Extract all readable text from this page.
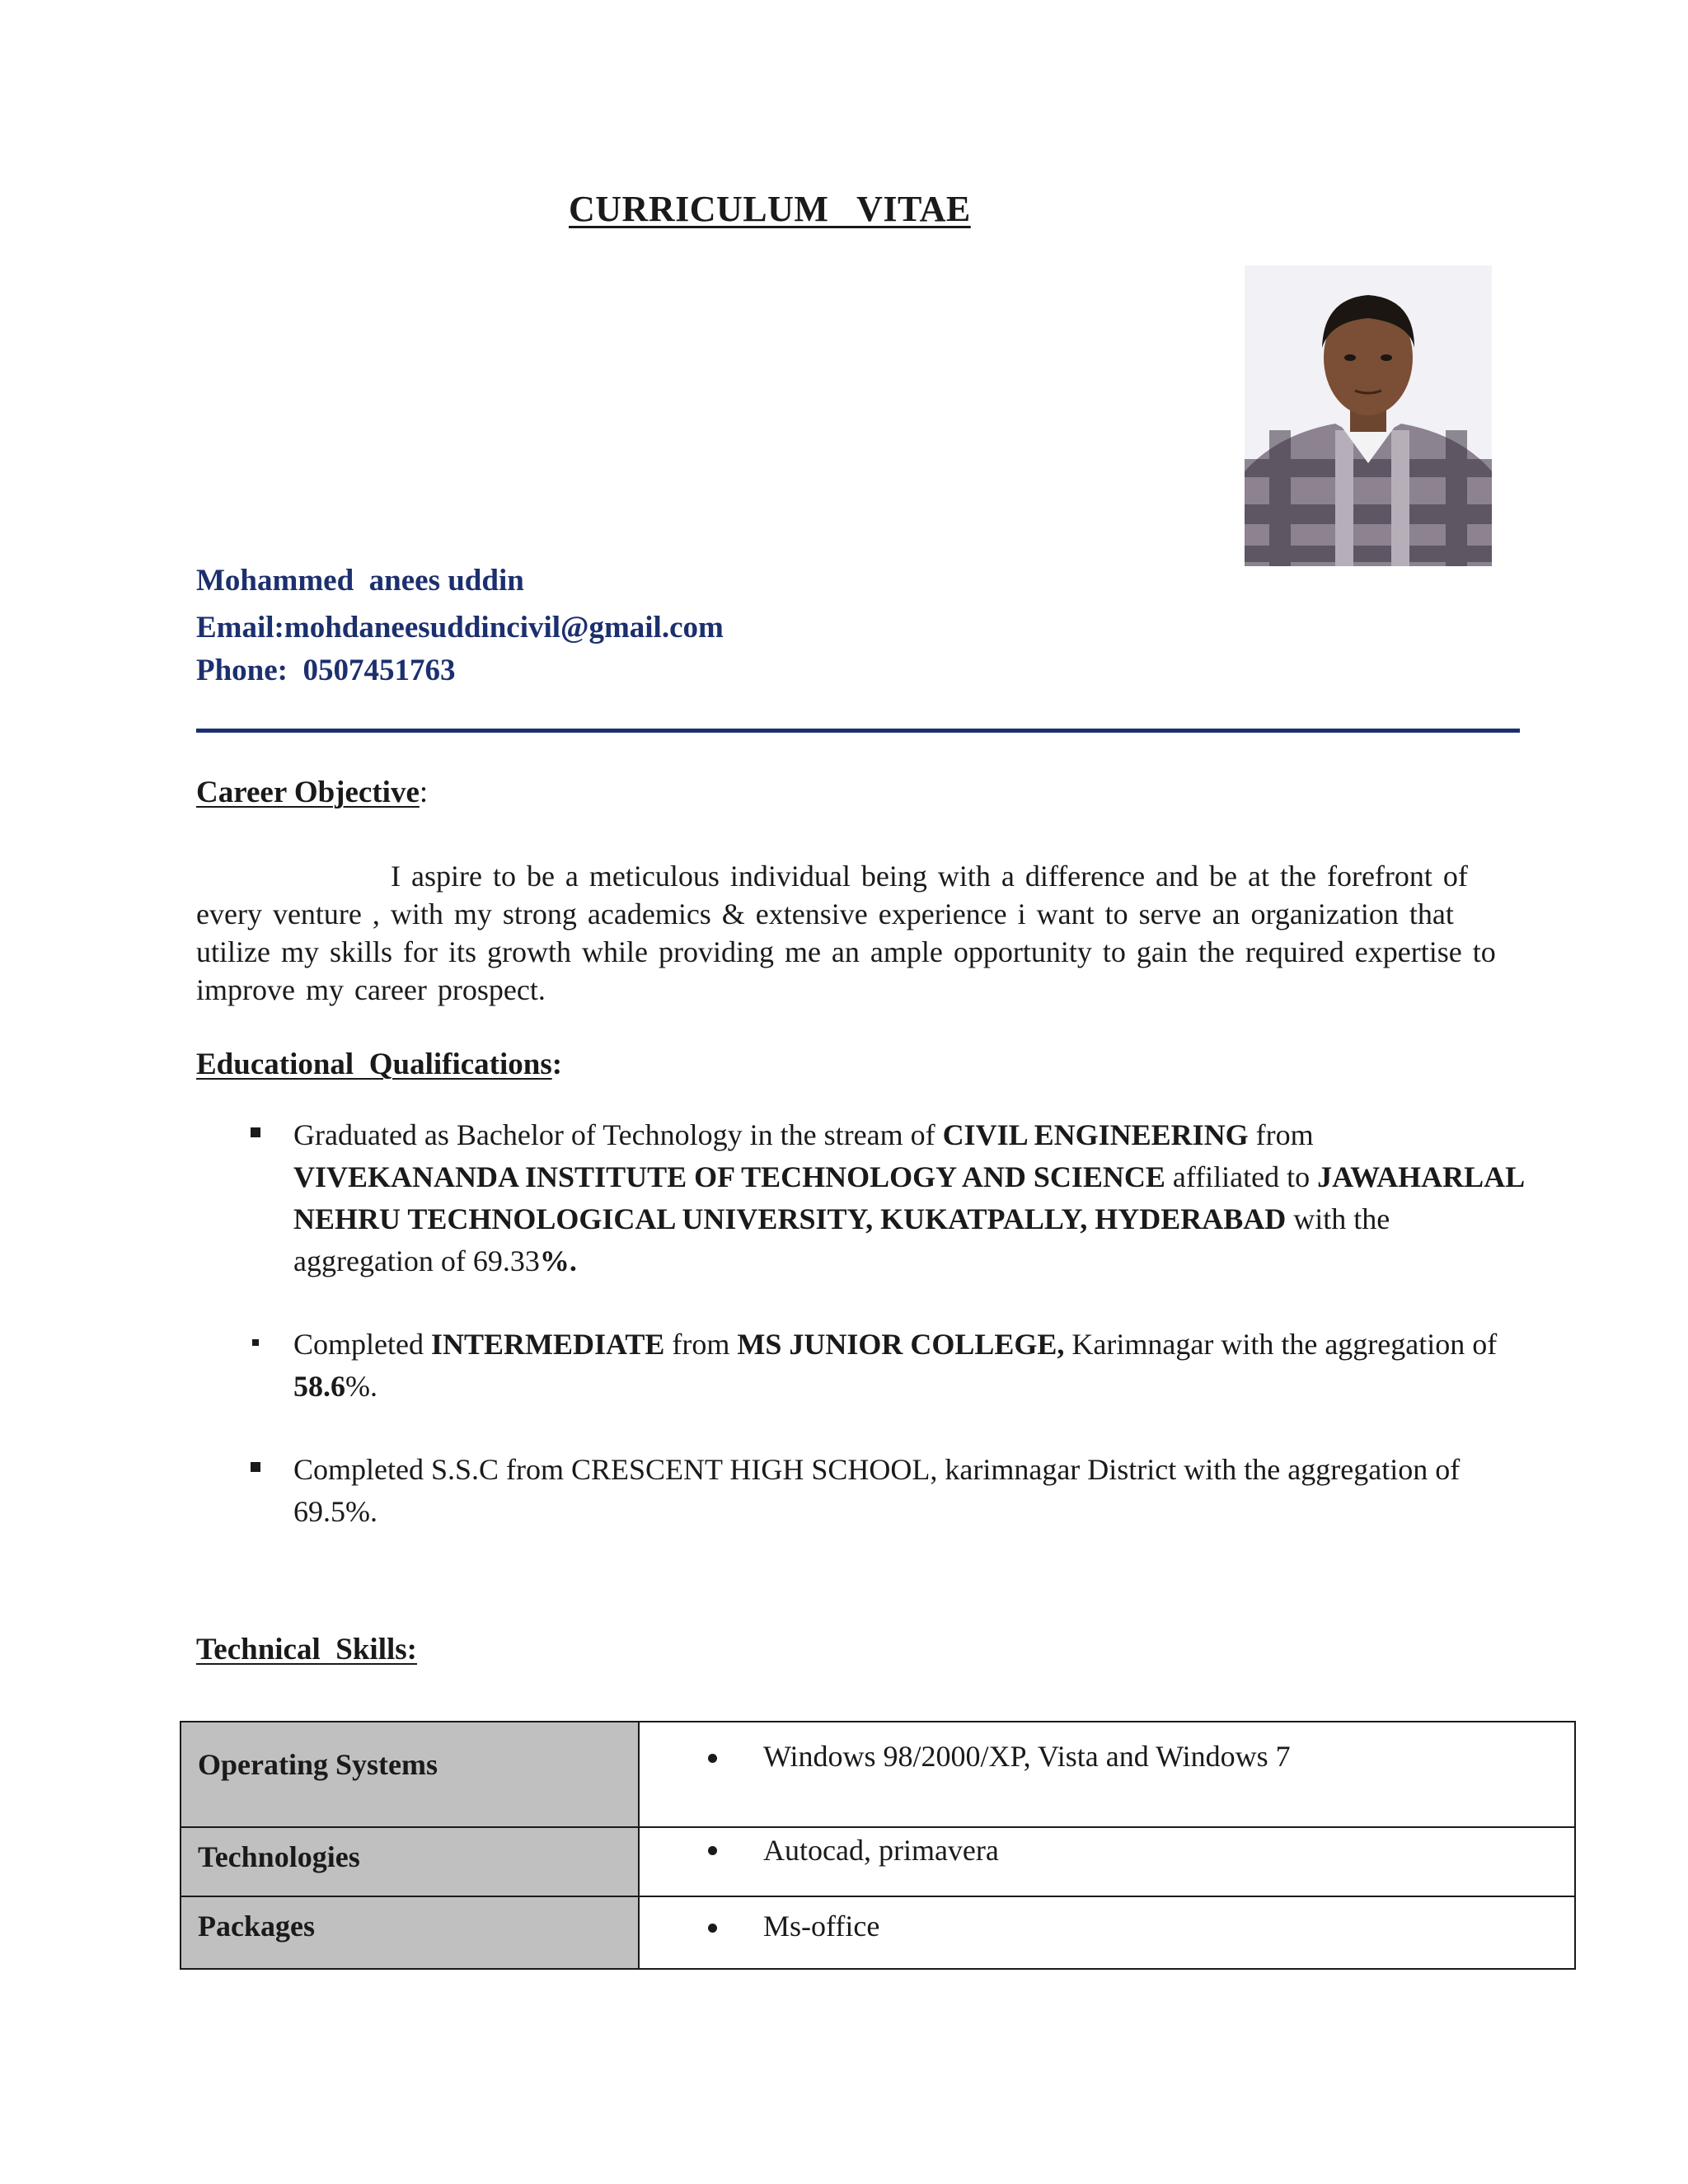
CURRICULUM   VITAE
Mohammed  anees uddin
Email:mohdaneesuddincivil@gmail.com
Phone:  0507451763
Career Objective:
I aspire to be a meticulous individual being with a difference and be at the forefront of every venture , with my strong academics & extensive experience i want to serve an organization that utilize my skills for its growth while providing me an ample opportunity to gain the required expertise to improve my career prospect.
Educational  Qualifications:
Graduated as Bachelor of Technology in the stream of CIVIL ENGINEERING from VIVEKANANDA INSTITUTE OF TECHNOLOGY AND SCIENCE affiliated to JAWAHARLAL NEHRU TECHNOLOGICAL UNIVERSITY, KUKATPALLY, HYDERABAD with the aggregation of 69.33%.
Completed INTERMEDIATE from MS JUNIOR COLLEGE, Karimnagar with the aggregation of 58.6%.
Completed S.S.C from CRESCENT HIGH SCHOOL, karimnagar District with the aggregation of 69.5%.
Technical  Skills:
Operating Systems	Windows 98/2000/XP, Vista and Windows 7
Technologies	Autocad, primavera
Packages	Ms-office
